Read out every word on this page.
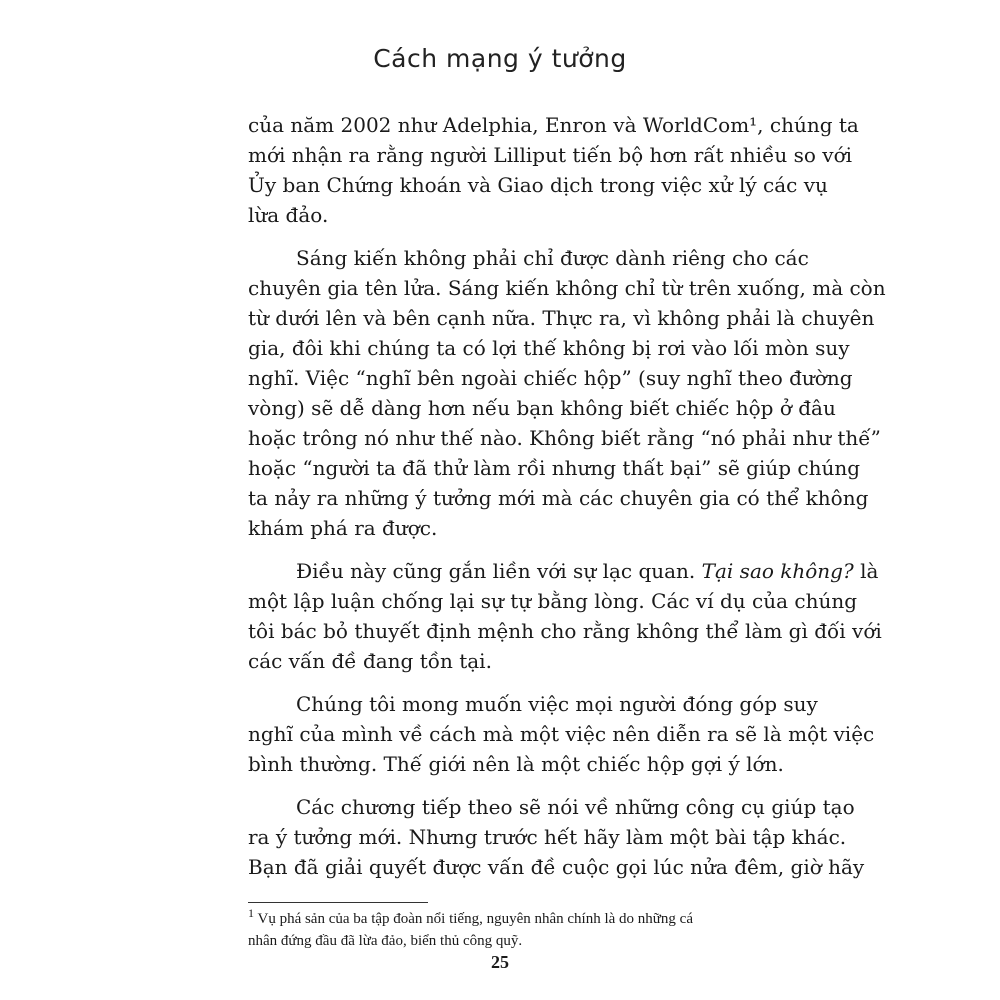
Cách mạng ý tưởng
của năm 2002 như Adelphia, Enron và WorldCom¹, chúng ta
mới nhận ra rằng người Lilliput tiến bộ hơn rất nhiều so với
Ủy ban Chứng khoán và Giao dịch trong việc xử lý các vụ
lừa đảo.
Sáng kiến không phải chỉ được dành riêng cho các
chuyên gia tên lửa. Sáng kiến không chỉ từ trên xuống, mà còn
từ dưới lên và bên cạnh nữa. Thực ra, vì không phải là chuyên
gia, đôi khi chúng ta có lợi thế không bị rơi vào lối mòn suy
nghĩ. Việc “nghĩ bên ngoài chiếc hộp” (suy nghĩ theo đường
vòng) sẽ dễ dàng hơn nếu bạn không biết chiếc hộp ở đâu
hoặc trông nó như thế nào. Không biết rằng “nó phải như thế”
hoặc “người ta đã thử làm rồi nhưng thất bại” sẽ giúp chúng
ta nảy ra những ý tưởng mới mà các chuyên gia có thể không
khám phá ra được.
Điều này cũng gắn liền với sự lạc quan. Tại sao không? là
một lập luận chống lại sự tự bằng lòng. Các ví dụ của chúng
tôi bác bỏ thuyết định mệnh cho rằng không thể làm gì đối với
các vấn đề đang tồn tại.
Chúng tôi mong muốn việc mọi người đóng góp suy
nghĩ của mình về cách mà một việc nên diễn ra sẽ là một việc
bình thường. Thế giới nên là một chiếc hộp gợi ý lớn.
Các chương tiếp theo sẽ nói về những công cụ giúp tạo
ra ý tưởng mới. Nhưng trước hết hãy làm một bài tập khác.
Bạn đã giải quyết được vấn đề cuộc gọi lúc nửa đêm, giờ hãy
$^1$ Vụ phá sản của ba tập đoàn nổi tiếng, nguyên nhân chính là do những cá
nhân đứng đầu đã lừa đảo, biển thủ công quỹ.
25
